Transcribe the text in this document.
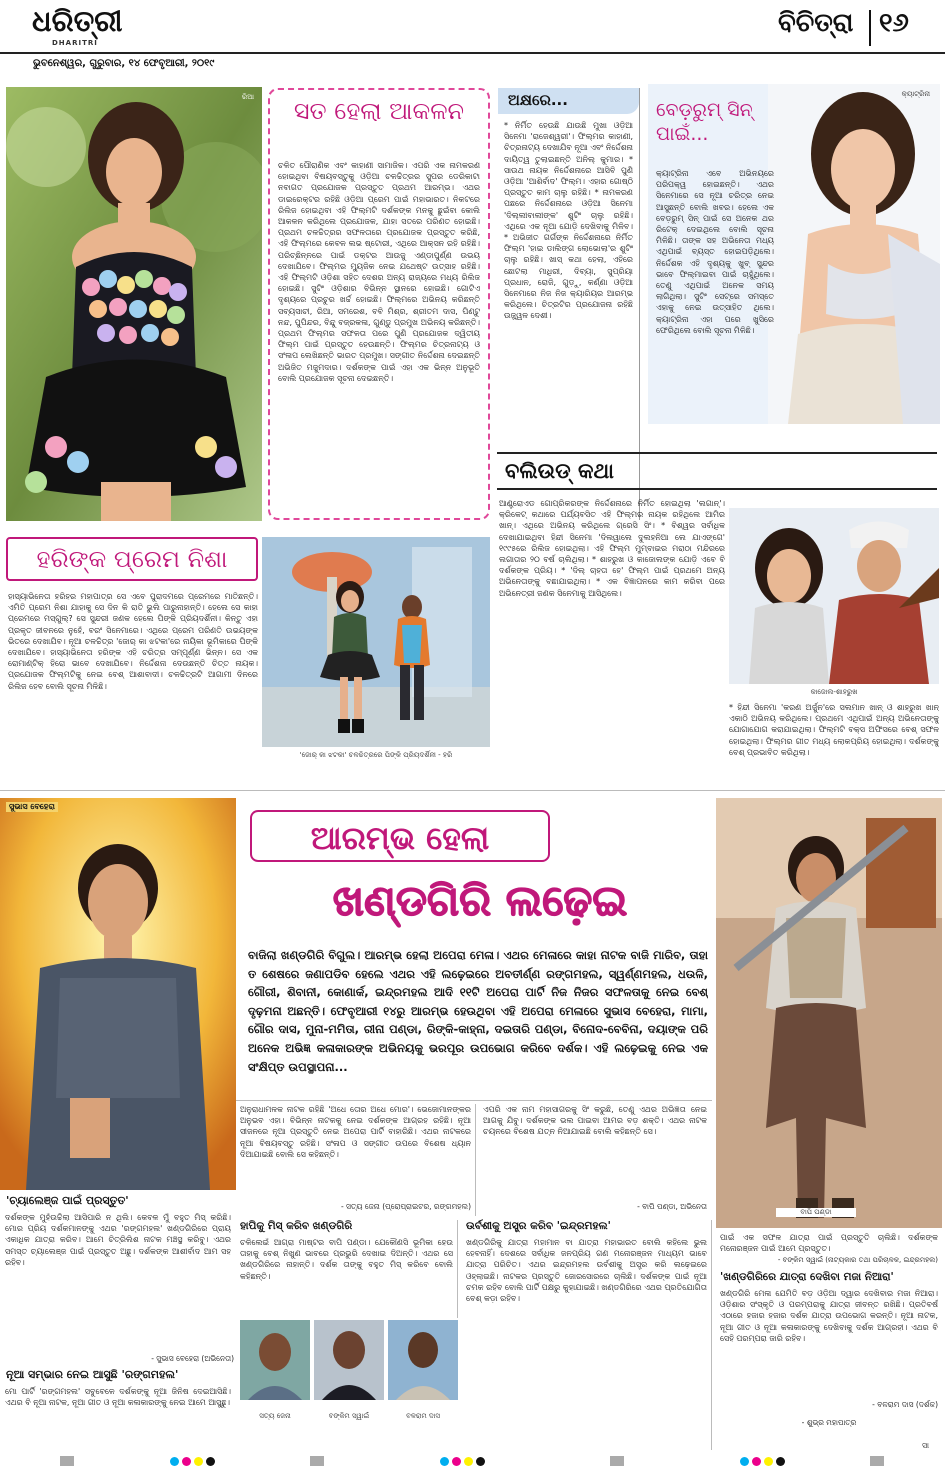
ଧରିତ୍ରୀ
DHARITRI
ଭୁବନେଶ୍ୱର, ଗୁରୁବାର, ୧୪ ଫେବୃଆରୀ, ୨୦୧୯
ବିଚିତ୍ରା ୧୬
ରିଆ	ସତ ହେଲା ଆକଳନ
ଚଳିତ ପୌରାଣିକ ଏବଂ କାହାଣୀ ସାମାଜିକ। ଏପରି ଏକ ନାମକରଣ ହୋଇଥିବା ବିଷୟବସ୍ତୁକୁ ଓଡ଼ିଆ ଚଳଚ୍ଚିତ୍ରର ସୁପର ଡେରିକାଟା ନବାଗତ ପ୍ରଯୋଜକ ପ୍ରସ୍ତୁତ ପ୍ରଥମ ଆରମ୍ଭ। ଏଥର ଡାଇରେକ୍ଟର ରହିଛି ଓଡ଼ିଆ ପ୍ରେମ ପାଇଁ ମହାଭାରତ। ନିକଟରେ ରିଲିଜ ହୋଇଥିବା ଏହି ଫିଲ୍ମଟି ଦର୍ଶକଙ୍କ ମନକୁ ଛୁଇଁବା କୋଲି ଆକଳନ କରିଥିଲେ ପ୍ରଯୋଜକ, ଯାହା ସତରେ ପରିଣତ ହୋଇଛି। ପ୍ରଥମ ଚଳଚ୍ଚିତ୍ରର ସଫଳତାରେ ପ୍ରଯୋଜକ ପ୍ରସ୍ତୁତ କରିଛି, ଏହି ଫିଲ୍ମରେ କେବଳ ଲଭ ଷ୍ଟୋରୀ, ଏଥିରେ ଆକ୍ସନ ରହି ରହିଛି। ପରିଚ୍ଛିନ୍ନରେ ପାଇଁ ଡକ୍ଟର ଆଉଜୁ ଏଣ୍ଡାପୁର୍ଣ୍ଣ ଉଭୟ ଦେଖାଯିବେ। ଫିଲ୍ମର ମ୍ୟୁଜିକ ନେଇ ଯଥେଷ୍ଟ ଉତ୍ସାହ ରହିଛି। ଏହି ଫିଲ୍ମଟି ଓଡ଼ିଶା ସହିତ ଦେଶର ଅନ୍ୟ ରାଜ୍ୟରେ ମଧ୍ୟ ରିଲିଜ ହୋଇଛି। ସୁଟିଂ ଓଡ଼ିଶାର ବିଭିନ୍ନ ସ୍ଥାନରେ ହୋଇଛି। ଗୋଟିଏ ଦୃଶ୍ୟରେ ପ୍ରଚୁର ଖର୍ଚ୍ଚ ହୋଇଛି। ଫିଲ୍ମରେ ଅଭିନୟ କରିଛନ୍ତି ସବ୍ୟସାଚୀ, ରିଆ, ସମରେଶ, ବବି ମିଶ୍ର, ଶ୍ରୀତମ ଦାସ, ପିଣ୍ଟୁ ନନ୍ଦ, ପୁପିନ୍ଦର, ବିନ୍ଦୁ ବଜ୍ରକଳା, ଗୁଣ୍ଡୁ ପ୍ରମୁଖ ଅଭିନୟ କରିଛନ୍ତି। ପ୍ରଥମ ଫିଲ୍ମର ସଫଳତା ପରେ ପୁଣି ପ୍ରଯୋଜକ ଦ୍ୱିତୀୟ ଫିଲ୍ମ ପାଇଁ ପ୍ରସ୍ତୁତ ହେଉଛନ୍ତି। ଫିଲ୍ମର ଚିତ୍ରନାଟ୍ୟ ଓ ସଂଳାପ ଲେଖିଛନ୍ତି ଭାରତ ପ୍ରମୁଖ। ସଙ୍ଗୀତ ନିର୍ଦ୍ଦେଶନା ଦେଇଛନ୍ତି ଅଭିଜିତ ମଜୁମଦାର। ଦର୍ଶକଙ୍କ ପାଇଁ ଏହା ଏକ ଭିନ୍ନ ଅନୁଭୂତି ବୋଲି ପ୍ରଯୋଜକ ସୂଚନା ଦେଇଛନ୍ତି।
ଅକ୍ଷରେ...
* ନିର୍ମିତ ହେଉଛି ଯାଉଛି ମୁଖା ଓଡ଼ିଆ ସିନେମା 'ରାଜେଶ୍ୱରୀ'। ଫିଲ୍ମର କାହାଣୀ, ଚିତ୍ରନାଟ୍ୟ ଦେଖାଯିବ ନୂଆ ଏବଂ ନିର୍ଦ୍ଦେଶନା ଦାୟିତ୍ୱ ତୁଲାଇଛନ୍ତି ଅନିଲ୍ କୁମାର। * ସାଉଥ ନାୟକ ନିର୍ଦ୍ଦେଶନାରେ ଆସିବି ପୁଣି ଓଡ଼ିଆ 'ଆଶିର୍ବାଦ' ଫିଲ୍ମ। ଏହାର ଗୋଷ୍ଠି ପ୍ରସ୍ତୁତ କାମ ଚାଲୁ ରହିଛି। * ନାମକରଣ ପଛରେ ନିର୍ଦ୍ଦେଶନାରେ ଓଡ଼ିଆ ସିନେମା 'ଦିଲ୍ଲୀବାଲୀଙ୍କ' ଶୁଟିଂ ଚାଲୁ ରହିଛି। ଏଥିରେ ଏକ ନୂଆ ଯୋଡ଼ି ଦେଖିବାକୁ ମିଳିବ। * ଅଭିଜୀତ ଗର୍ଗଙ୍କ ନିର୍ଦ୍ଦେଶନାରେ ନିର୍ମିତ ଫିଲ୍ମ 'ହାଇ ଡାଲିଙ୍ଗ ଲୋଭୋଲା'ର ଶୁଟିଂ ଚାଲୁ ରହିଛି। ଖାସ୍ କଥା ହେଲା, ଏହିରେ ଛୋଟଲା ମାଧିରୀ, ଦିବ୍ୟା, ସୁପ୍ରିୟା ପ୍ରଧାନ, ରୋଜି, ଗୁଡ଼ୁ, କର୍ଣ୍ଣା ଓଡ଼ିଆ ସିନେମାରେ ନିଜ ନିଜ କ୍ୟାରିୟର ଆରମ୍ଭ କରିଥିଲେ। ଚିତ୍ରଟିର ପ୍ରଯୋଜନା ରହିଛି ଉଜ୍ଜ୍ୱଳ ଦେଶୀ।
କ୍ୟାଟ୍ରିନା
ବେଡ଼ରୁମ୍ ସିନ୍ ପାଇଁ...
କ୍ୟାଟ୍ରିନା ଏବେ ଅଭିନୟରେ ପରିପକ୍ୱ ହୋଇଛନ୍ତି। ଏଥର ସିନେମାରେ ସେ ନୂଆ ଚରିତ୍ର ନେଇ ଆସୁଛନ୍ତି ବୋଲି ଖବର। ହେଲେ ଏକ ବେଡ଼ରୁମ୍ ସିନ୍ ପାଇଁ ସେ ଅନେକ ଥର ରିଟେକ୍ ଦେଇଥିଲେ ବୋଲି ସୂଚନା ମିଳିଛି। ତାଙ୍କ ସହ ଅଭିନେତା ମଧ୍ୟ ଏଥିପାଇଁ ବ୍ୟସ୍ତ ହୋଇପଡ଼ିଥିଲେ। ନିର୍ଦ୍ଦେଶକ ଏହି ଦୃଶ୍ୟକୁ ଖୁବ୍ ସୁନ୍ଦର ଭାବେ ଫିଲ୍ମାଇବା ପାଇଁ ଚାହୁଁଥିଲେ। ତେଣୁ ଏଥିପାଇଁ ଅନେକ ସମୟ ଲାଗିଥିଲା। ସୁଟିଂ ସେଟ୍ରେ ସମସ୍ତେ ଏହାକୁ ନେଇ ଉତ୍ସାହିତ ଥିଲେ। କ୍ୟାଟ୍ରିନା ଏହା ପରେ ଖୁସିରେ ଫେରିଥିଲେ ବୋଲି ସୂଚନା ମିଳିଛି।
ହରିଙ୍କ ପ୍ରେମ ନିଶା
ହାସ୍ୟାଭିନେତା ହରିହର ମହାପାତ୍ର ସେ ଏବେ ପୁରାଦମରେ ପ୍ରେମରେ ମାତିଛନ୍ତି। ଏମିତି ପ୍ରେମ ନିଶା ଯାହାକୁ ସେ ଦିନ କି ରାତି ଭୁଲି ପାରୁନାହାନ୍ତି। ହେଲେ ସେ କାହା ପ୍ରେମରେ ମସ୍ଗୁଲ୍? ସେ ସୁନ୍ଦରୀ ଜଣକ ହେଲେ ପିଙ୍କି ପ୍ରିୟଦର୍ଶିନୀ। କିନ୍ତୁ ଏହା ପ୍ରକୃତ ଜୀବନରେ ନୁହେଁ, ବରଂ ସିନେମାରେ। ଏଥିରେ ପ୍ରେମ ପରିଣତି ଉଭୟଙ୍କ ଭିତରେ ଦେଖାଯିବ। ନୂଆ ଚଳଚ୍ଚିତ୍ର 'ଜୋର୍ କା ଝଟକା'ରେ ନାୟିକା ଭୂମିକାରେ ପିଙ୍କି ଦେଖାଯିବେ। ହାସ୍ୟାଭିନେତା ହରିଙ୍କ ଏହି ଚରିତ୍ର ସମ୍ପୂର୍ଣ୍ଣ ଭିନ୍ନ। ସେ ଏକ ରୋମାଣ୍ଟିକ୍ ହିରୋ ଭାବେ ଦେଖାଯିବେ। ନିର୍ଦ୍ଦେଶନା ଦେଉଛନ୍ତି ଚିତ୍ତ ନାୟକ। ପ୍ରଯୋଜକ ଫିଲ୍ମଟିକୁ ନେଇ ବେଶ୍ ଆଶାବାଦୀ। ଚଳଚ୍ଚିତ୍ରଟି ଆଗାମୀ ଦିନରେ ରିଲିଜ ହେବ ବୋଲି ସୂଚନା ମିଳିଛି।
'ଜୋର୍ କା ଝଟକା' ଚଳଚ୍ଚିତ୍ରରେ ପିଙ୍କି ପ୍ରିୟଦର୍ଶିନୀ - ହରି
ବଲିଉଡ୍ କଥା
ଆଣ୍ଡ୍ରୋଏଡ ଗୋପ୍ରିକରଙ୍କ ନିର୍ଦ୍ଦେଶନାରେ ନିର୍ମିତ ହୋଇଥିଲା 'ଲଗାନ୍'। କ୍ରିକେଟ୍ କଥାରେ ପର୍ଯ୍ୟବସିତ ଏହି ଫିଲ୍ମର ନାୟକ ରହିଥିଲେ ଆମିର ଖାନ୍। ଏଥିରେ ଅଭିନୟ କରିଥିଲେ ଗ୍ରେସି ସିଂ। * ବିଶ୍ୱର ସର୍ବାଧିକ ଦେଖାଯାଇଥିବା ହିନ୍ଦୀ ସିନେମା 'ଦିଲୱାଲେ ଦୁଲହନିଆ ଲେ ଯାଏଙ୍ଗେ' ୧୯୯୫ରେ ରିଲିଜ ହୋଇଥିଲା। ଏହି ଫିଲ୍ମ ମୁମ୍ବାଇର ମରାଠା ମନ୍ଦିରରେ ଲଗାତାର ୨୦ ବର୍ଷ ଚାଲିଥିଲା। * ଶାହରୁଖ ଓ କାଜୋଲଙ୍କ ଯୋଡ଼ି ଏବେ ବି ଦର୍ଶକଙ୍କ ପ୍ରିୟ। * 'ଦିଲ୍ ଚାହତା ହେ' ଫିଲ୍ମ ପାଇଁ ପ୍ରଥମେ ଅନ୍ୟ ଅଭିନେତାଙ୍କୁ ବଛାଯାଇଥିଲା। * ଏକ ବିଜ୍ଞାପନରେ କାମ କରିବା ପରେ ଅଭିନେତ୍ରୀ ଜଣକ ସିନେମାକୁ ଆସିଥିଲେ।
କାଜୋଲ-ଶାହରୁଖ
* ହିନ୍ଦୀ ସିନେମା 'କରଣ ଅର୍ଜୁନ'ରେ ସଲମାନ ଖାନ୍ ଓ ଶାହରୁଖ ଖାନ୍ ଏକାଠି ଅଭିନୟ କରିଥିଲେ। ପ୍ରଥମେ ଏଥିପାଇଁ ଅନ୍ୟ ଅଭିନେତାଙ୍କୁ ଯୋଗାଯୋଗ କରାଯାଇଥିଲା। ଫିଲ୍ମଟି ବକ୍ସ ଅଫିସରେ ବେଶ୍ ସଫଳ ହୋଇଥିଲା। ଫିଲ୍ମର ଗୀତ ମଧ୍ୟ ଲୋକପ୍ରିୟ ହୋଇଥିଲା। ଦର୍ଶକଙ୍କୁ ବେଶ୍ ପ୍ରଭାବିତ କରିଥିଲା।
ସୁଭାସ ବେହେରା
ଆରମ୍ଭ ହେଲା
ଖଣ୍ଡଗିରି ଲଢ଼େଇ
ବାଜିଲା ଖଣ୍ଡଗିରି ବିଗୁଲ। ଆରମ୍ଭ ହେଲା ଅପେରା ମେଳା। ଏଥର ମେଳାରେ କାହା ନାଟକ ବାଜି ମାରିବ, ତାହା ତ ଶେଷରେ ଜଣାପଡିବ ହେଲେ ଏଥର ଏହି ଲଢ଼େଇରେ ଅବତୀର୍ଣ୍ଣ ରଙ୍ଗମହଲ, ସ୍ୱର୍ଣ୍ଣମହଲ, ଧଉଳି, ଗୌରୀ, ଶିବାନୀ, କୋଣାର୍କ, ଇନ୍ଦ୍ରମହଲ ଆଦି ୧୧ଟି ଅପେରା ପାର୍ଟି ନିଜ ନିଜର ସଫଳତାକୁ ନେଇ ବେଶ୍ ଦୃଢ଼ମନା ଅଛନ୍ତି। ଫେବୃଆରୀ ୧୪ରୁ ଆରମ୍ଭ ହେଉଥିବା ଏହି ଅପେରା ମେଳାରେ ସୁଭାସ ବେହେରା, ମାମା, ଗୌର ଦାସ, ମୁନା-ମମିତା, ରୀନା ପଣ୍ଡା, ରିଙ୍କି-କାହ୍ନା, ଦଇତାରି ପଣ୍ଡା, ବିନୋଦ-ବେବିନା, ଦୟାଙ୍କ ପରି ଅନେକ ଅଭିଜ୍ଞ କଳାକାରଙ୍କ ଅଭିନୟକୁ ଭରପୂର ଉପଭୋଗ କରିବେ ଦର୍ଶକ। ଏହି ଲଢ଼େଇକୁ ନେଇ ଏକ ସଂକ୍ଷିପ୍ତ ଉପସ୍ଥାପନା...
ବାପି ପଣ୍ଡା
ଅନୁରାଧାମଳକ ନାଟକ ରହିଛି 'ଅଧେ ତୋର ଅଧେ ମୋର'। ଭେଜୋମାନଙ୍କର ଅନୁଭବ ଏହା। ବିଭିନ୍ନ ନାଟକକୁ ନେଇ ଦର୍ଶକଙ୍କ ଆଗ୍ରହ ରହିଛି। ନୂଆ ସୀଜନରେ ନୂଆ ପ୍ରସ୍ତୁତି ନେଇ ଅପେରା ପାର୍ଟି ବାହାରିଛି। ଏଥର ନାଟକରେ ନୂଆ ବିଷୟବସ୍ତୁ ରହିଛି। ସଂଳାପ ଓ ସଙ୍ଗୀତ ଉପରେ ବିଶେଷ ଧ୍ୟାନ ଦିଆଯାଇଛି ବୋଲି ସେ କହିଛନ୍ତି।
- ସତ୍ୟ ଜେନା (ପ୍ରୋପ୍ରାଇଟର, ରଙ୍ଗମହଲ)
ଏପରି ଏକ ନାମ ମହାସାଗରକୁ ସିଂ କରୁଛି, ତେଣୁ ଏଥର ଅଭିଜ୍ଞତା ନେଇ ଆଗକୁ ଯିବୁ। ଦର୍ଶକଙ୍କ ଭଲ ପାଇବା ଆମର ବଡ଼ ଶକ୍ତି। ଏଥର ନାଟକ ଚୟନରେ ବିଶେଷ ଯତ୍ନ ନିଆଯାଇଛି ବୋଲି କହିଛନ୍ତି ସେ।
- ବାପି ପଣ୍ଡା, ଅଭିନେତା
'ଚ୍ୟାଲେଞ୍ଜ ପାଇଁ ପ୍ରସ୍ତୁତ'
ଦର୍ଶକଙ୍କ ମୁହଁଉଚ୍ଚିଲା ଆସିପାରି ନ ଥିଲି। କେବଳ ମୁଁ ବହୁତ ମିସ୍ କରିଛି। ମୋର ପ୍ରିୟ ଦର୍ଶକମାନଙ୍କୁ ଏଥର 'ରଙ୍ଗମହଲ' ଖଣ୍ଡଗିରିରେ ପ୍ରାୟ ଏକାଧିକ ଯାତ୍ରା କରିବ। ଆମେ ଚିତ୍ରିଲିଶ ନାଟକ ମଞ୍ଚସ୍ଥ କରିବୁ। ଏଥର ସମସ୍ତ ଚ୍ୟାଲେଞ୍ଜ ପାଇଁ ପ୍ରସ୍ତୁତ ଅଛୁ। ଦର୍ଶକଙ୍କ ଆଶୀର୍ବାଦ ଆମ ସହ ରହିବ।
- ସୁଭାସ ବେହେରା (ଅଭିନେତା)
ନୂଆ ସମ୍ଭାର ନେଇ ଆସୁଛି 'ରଙ୍ଗମହଲ'
ମୋ ପାର୍ଟି 'ରଙ୍ଗମହଲ' ସବୁବେଳେ ଦର୍ଶକଙ୍କୁ ନୂଆ ଜିନିଷ ଦେଇଆସିଛି। ଏଥର ବି ନୂଆ ନାଟକ, ନୂଆ ଗୀତ ଓ ନୂଆ କଳାକାରଙ୍କୁ ନେଇ ଆମେ ଆସୁଛୁ।
ହାପିକୁ ମିସ୍ କରିବ ଖଣ୍ଡଗିରି
ଚଳିଲେଇଁ ଆଗ୍ରା ମାଷ୍ଟର ବାପି ପଣ୍ଡା। ଯେକୌଣସି ଭୂମିକା ହେଉ ତାହାକୁ ବେଶ୍ ନିଖୁଣ ଭାବରେ ପ୍ରଭୁରି ଦେଖାଇ ଦିଅନ୍ତି। ଏଥର ସେ ଖଣ୍ଡଗିରିରେ ନାହାନ୍ତି। ଦର୍ଶକ ତାଙ୍କୁ ବହୁତ ମିସ୍ କରିବେ ବୋଲି କହିଛନ୍ତି।
ଉର୍ବଶୀକୁ ଅସ୍ତ୍ର କରିବ 'ଇନ୍ଦ୍ରମହଲ'
ଖଣ୍ଡଗିରିକୁ ଯାତ୍ରା ମହାମାନ ବା ଯାତ୍ରା ମହାଭାରତ ବୋଲି କହିଲେ ଭୁଲ ହେବନାହିଁ। ଦେଶରେ ସର୍ବାଧିକ ଜନପ୍ରିୟ ଗଣ ମନୋରଞ୍ଜନ ମାଧ୍ୟମ ଭାବେ ଯାତ୍ରା ପରିଚିତ। ଏଥର ଇନ୍ଦ୍ରମହଲ ଉର୍ବଶୀକୁ ଅସ୍ତ୍ର କରି ଲଢ଼େଇରେ ଓହ୍ଲାଇଛି। ନାଟକର ପ୍ରସ୍ତୁତି ଜୋରସୋରରେ ଚାଲିଛି। ଦର୍ଶକଙ୍କ ପାଇଁ ନୂଆ ଚମକ ରହିବ ବୋଲି ପାର୍ଟି ପକ୍ଷରୁ କୁହାଯାଇଛି। ଖଣ୍ଡଗିରିରେ ଏଥର ପ୍ରତିଯୋଗିତା ବେଶ୍ କଡ଼ା ରହିବ।
ସତ୍ୟ ଜେନା	ବଙ୍କିମ ସ୍ୱାଇଁ	ବଳରାମ ଦାସ
ପାଇଁ ଏକ ସଫଳ ଯାତ୍ରା ପାଇଁ ପ୍ରସ୍ତୁତି ଚାଲିଛି। ଦର୍ଶକଙ୍କ ମନୋରଞ୍ଜନ ପାଇଁ ଆମେ ପ୍ରସ୍ତୁତ।
- ବଙ୍କିମ ସ୍ୱାଇଁ (ନାଟ୍ୟକାର ତଥା ପରିଚାଳକ, ଇନ୍ଦ୍ରମହଲ)
'ଖଣ୍ଡଗିରିରେ ଯାତ୍ରା ଦେଖିବା ମଜା ନିଆରା'
ଖଣ୍ଡଗିରି ମେଳା ଯେମିତି ବଡ଼ ଓଡ଼ିଆ ଦ୍ୱାର ଦେଖିବାର ମଜା ନିଆରା। ଓଡ଼ିଶାର ସଂସ୍କୃତି ଓ ପରମ୍ପରାକୁ ଯାତ୍ରା ଜୀବନ୍ତ ରଖିଛି। ପ୍ରତିବର୍ଷ ଏଠାରେ ହଜାର ହଜାର ଦର୍ଶକ ଯାତ୍ରା ଉପଭୋଗ କରନ୍ତି। ନୂଆ ନାଟକ, ନୂଆ ଗୀତ ଓ ନୂଆ କଳାକାରଙ୍କୁ ଦେଖିବାକୁ ଦର୍ଶକ ଆଗ୍ରହୀ। ଏଥର ବି ସେହି ପରମ୍ପରା ଜାରି ରହିବ।
- ବଳରାମ ଦାସ (ଦର୍ଶକ)
- ଶୁଭ୍ର ମହାପାତ୍ର
ସା
